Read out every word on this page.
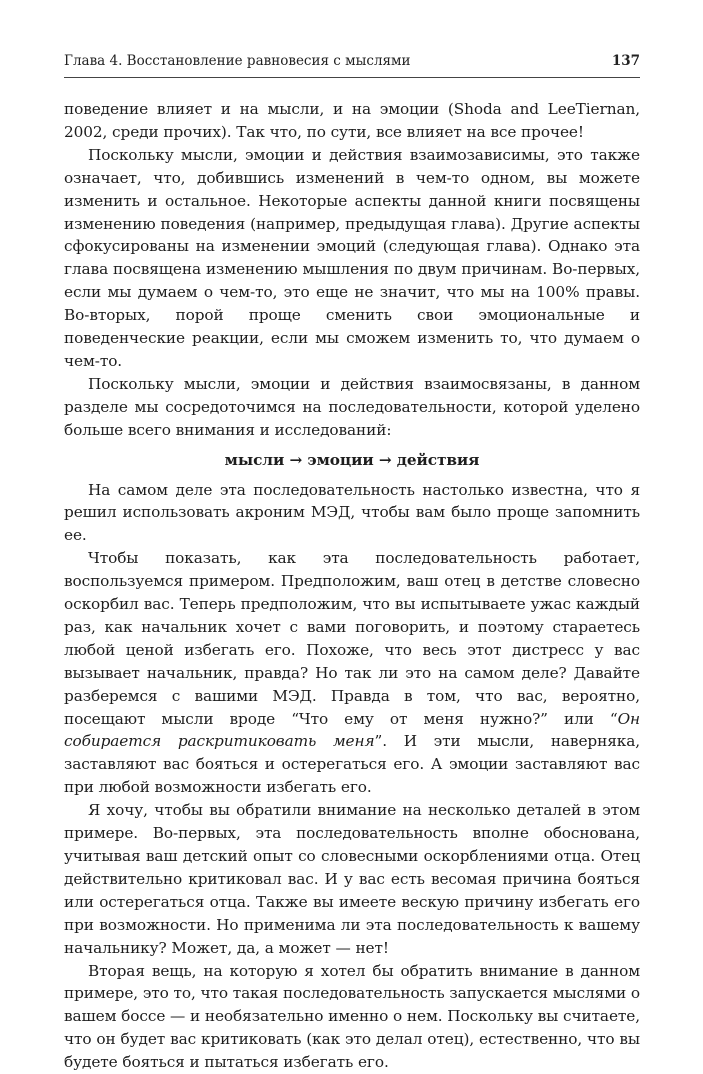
Глава 4. Восстановление равновесия с мыслями	137

поведение влияет и на мысли, и на эмоции (Shoda and LeeTiernan, 2002, среди прочих). Так что, по сути, все влияет на все прочее!

Поскольку мысли, эмоции и действия взаимозависимы, это также означает, что, добившись изменений в чем-то одном, вы можете изменить и остальное. Некоторые аспекты данной книги посвящены изменению поведения (например, предыдущая глава). Другие аспекты сфокусированы на изменении эмоций (следующая глава). Однако эта глава посвящена изменению мышления по двум причинам. Во-первых, если мы думаем о чем-то, это еще не значит, что мы на 100% правы. Во-вторых, порой проще сменить свои эмоциональные и поведенческие реакции, если мы сможем изменить то, что думаем о чем-то.

Поскольку мысли, эмоции и действия взаимосвязаны, в данном разделе мы сосредоточимся на последовательности, которой уделено больше всего внимания и исследований:

мысли → эмоции → действия

На самом деле эта последовательность настолько известна, что я решил использовать акроним МЭД, чтобы вам было проще запомнить ее.

Чтобы показать, как эта последовательность работает, воспользуемся примером. Предположим, ваш отец в детстве словесно оскорбил вас. Теперь предположим, что вы испытываете ужас каждый раз, как начальник хочет с вами поговорить, и поэтому стараетесь любой ценой избегать его. Похоже, что весь этот дистресс у вас вызывает начальник, правда? Но так ли это на самом деле? Давайте разберемся с вашими МЭД. Правда в том, что вас, вероятно, посещают мысли вроде “Что ему от меня нужно?” или “Он собирается раскритиковать меня”. И эти мысли, наверняка, заставляют вас бояться и остерегаться его. А эмоции заставляют вас при любой возможности избегать его.

Я хочу, чтобы вы обратили внимание на несколько деталей в этом примере. Во-первых, эта последовательность вполне обоснована, учитывая ваш детский опыт со словесными оскорблениями отца. Отец действительно критиковал вас. И у вас есть весомая причина бояться или остерегаться отца. Также вы имеете вескую причину избегать его при возможности. Но применима ли эта последовательность к вашему начальнику? Может, да, а может — нет!

Вторая вещь, на которую я хотел бы обратить внимание в данном примере, это то, что такая последовательность запускается мыслями о вашем боссе — и необязательно именно о нем. Поскольку вы считаете, что он будет вас критиковать (как это делал отец), естественно, что вы будете бояться и пытаться избегать его.
